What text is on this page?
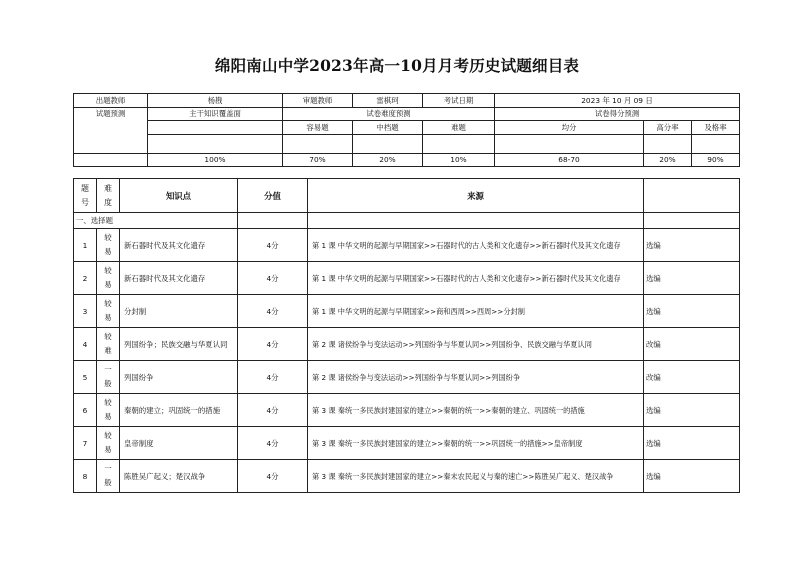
绵阳南山中学2023年高一10月月考历史试题细目表
出题教师	杨戡	审题教师	雷棋珂	考试日期	2023 年 10 月 09 日		
试题预测	主干知识覆盖面	试卷难度预测			试卷得分预测		
		容易题	中档题	难题	均分	高分率	及格率

	100%	70%	20%	10%	68-70	20%	90%
题号	难度	知识点	分值	来源	
一、选择题					
1	较易	新石器时代及其文化遗存	4分	第 1 课 中华文明的起源与早期国家>>石器时代的古人类和文化遗存>>新石器时代及其文化遗存	选编
2	较易	新石器时代及其文化遗存	4分	第 1 课 中华文明的起源与早期国家>>石器时代的古人类和文化遗存>>新石器时代及其文化遗存	选编
3	较易	分封制	4分	第 1 课 中华文明的起源与早期国家>>商和西周>>西周>>分封制	选编
4	较难	列国纷争；民族交融与华夏认同	4分	第 2 课 诸侯纷争与变法运动>>列国纷争与华夏认同>>列国纷争、民族交融与华夏认同	改编
5	一般	列国纷争	4分	第 2 课 诸侯纷争与变法运动>>列国纷争与华夏认同>>列国纷争	改编
6	较易	秦朝的建立；巩固统一的措施	4分	第 3 课 秦统一多民族封建国家的建立>>秦朝的统一>>秦朝的建立、巩固统一的措施	选编
7	较易	皇帝制度	4分	第 3 课 秦统一多民族封建国家的建立>>秦朝的统一>>巩固统一的措施>>皇帝制度	选编
8	一般	陈胜吴广起义；楚汉战争	4分	第 3 课 秦统一多民族封建国家的建立>>秦末农民起义与秦的速亡>>陈胜吴广起义、楚汉战争	选编
